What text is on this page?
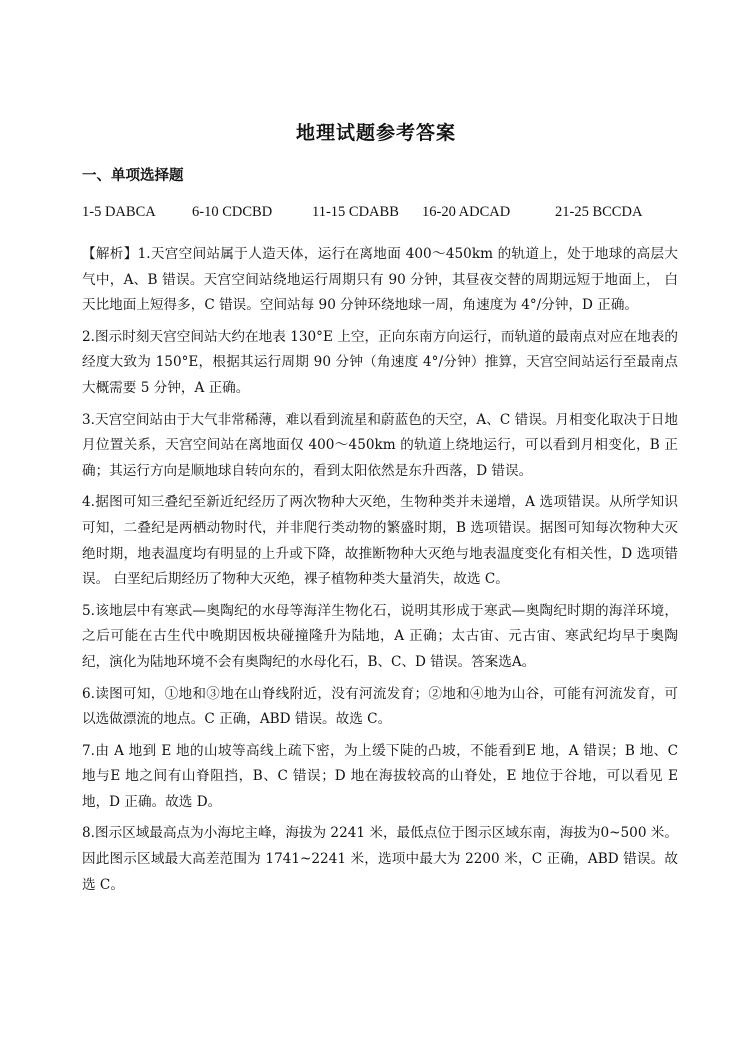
地理试题参考答案
一、单项选择题
1-5 DABCA	6-10 CDCBD	11-15 CDABB 16-20 ADCAD	21-25 BCCDA

【解析】1.天宫空间站属于人造天体，运行在离地面 400～450km 的轨道上，处于地球的高层大气中，A、B 错误。天宫空间站绕地运行周期只有 90 分钟，其昼夜交替的周期远短于地面上， 白天比地面上短得多，C 错误。空间站每 90 分钟环绕地球一周，角速度为 4°/分钟，D 正确。

2.图示时刻天宫空间站大约在地表 130°E 上空，正向东南方向运行，而轨道的最南点对应在地表的经度大致为 150°E，根据其运行周期 90 分钟（角速度 4°/分钟）推算，天宫空间站运行至最南点大概需要 5 分钟，A 正确。

3.天宫空间站由于大气非常稀薄，难以看到流星和蔚蓝色的天空，A、C 错误。月相变化取决于日地月位置关系，天宫空间站在离地面仅 400～450km 的轨道上绕地运行，可以看到月相变化，B 正确；其运行方向是顺地球自转向东的，看到太阳依然是东升西落，D 错误。

4.据图可知三叠纪至新近纪经历了两次物种大灭绝，生物种类并未递增，A 选项错误。从所学知识可知，二叠纪是两栖动物时代，并非爬行类动物的繁盛时期，B 选项错误。据图可知每次物种大灭绝时期，地表温度均有明显的上升或下降，故推断物种大灭绝与地表温度变化有相关性，D 选项错误。 白垩纪后期经历了物种大灭绝，裸子植物种类大量消失，故选 C。

5.该地层中有寒武—奥陶纪的水母等海洋生物化石，说明其形成于寒武—奥陶纪时期的海洋环境，之后可能在古生代中晚期因板块碰撞隆升为陆地，A 正确；太古宙、元古宙、寒武纪均早于奥陶纪，演化为陆地环境不会有奥陶纪的水母化石，B、C、D 错误。答案选A。

6.读图可知，①地和③地在山脊线附近，没有河流发育；②地和④地为山谷，可能有河流发育，可以选做漂流的地点。C 正确，ABD 错误。故选 C。

7.由 A 地到 E 地的山坡等高线上疏下密，为上缓下陡的凸坡，不能看到E 地，A 错误；B 地、C 地与E 地之间有山脊阻挡，B、C 错误；D 地在海拔较高的山脊处，E 地位于谷地，可以看见 E 地，D 正确。故选 D。

8.图示区域最高点为小海坨主峰，海拔为 2241 米，最低点位于图示区域东南，海拔为0~500 米。因此图示区域最大高差范围为 1741~2241 米，选项中最大为 2200 米，C 正确，ABD 错误。故选 C。
